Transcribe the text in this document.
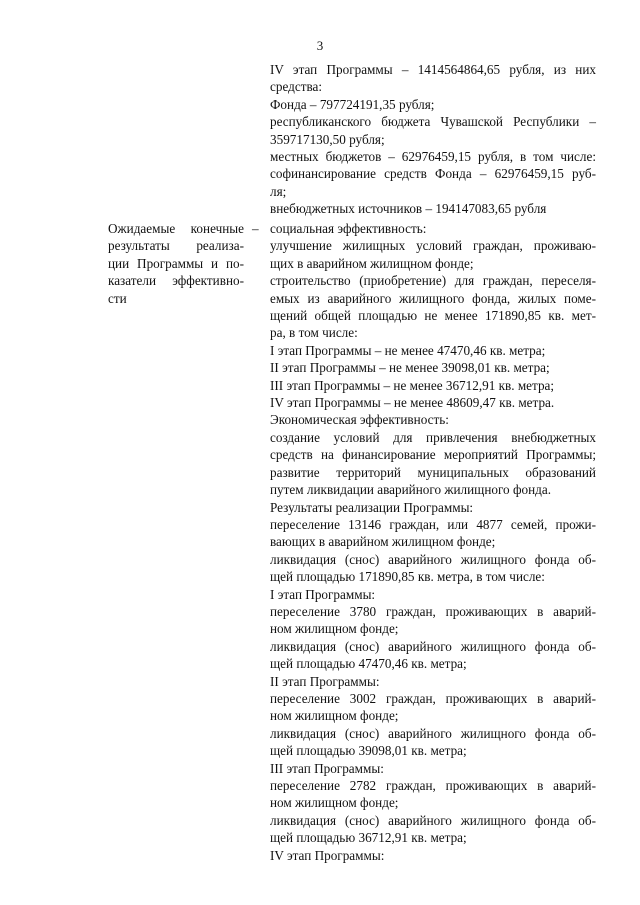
3
IV этап Программы – 1414564864,65 рубля, из них
средства:
Фонда – 797724191,35 рубля;
республиканского бюджета Чувашской Республики –
359717130,50 рубля;
местных бюджетов – 62976459,15 рубля, в том числе:
софинансирование средств Фонда – 62976459,15 руб-
ля;
внебюджетных источников – 194147083,65 рубля
Ожидаемые конечные
результаты реализа-
ции Программы и по-
казатели эффективно-
сти
– социальная эффективность:
улучшение жилищных условий граждан, проживаю-
щих в аварийном жилищном фонде;
строительство (приобретение) для граждан, переселя-
емых из аварийного жилищного фонда, жилых поме-
щений общей площадью не менее 171890,85 кв. мет-
ра, в том числе:
I этап Программы – не менее 47470,46 кв. метра;
II этап Программы – не менее 39098,01 кв. метра;
III этап Программы – не менее 36712,91 кв. метра;
IV этап Программы – не менее 48609,47 кв. метра.
Экономическая эффективность:
создание условий для привлечения внебюджетных
средств на финансирование мероприятий Программы;
развитие территорий муниципальных образований
путем ликвидации аварийного жилищного фонда.
Результаты реализации Программы:
переселение 13146 граждан, или 4877 семей, прожи-
вающих в аварийном жилищном фонде;
ликвидация (снос) аварийного жилищного фонда об-
щей площадью 171890,85 кв. метра, в том числе:
I этап Программы:
переселение 3780 граждан, проживающих в аварий-
ном жилищном фонде;
ликвидация (снос) аварийного жилищного фонда об-
щей площадью 47470,46 кв. метра;
II этап Программы:
переселение 3002 граждан, проживающих в аварий-
ном жилищном фонде;
ликвидация (снос) аварийного жилищного фонда об-
щей площадью 39098,01 кв. метра;
III этап Программы:
переселение 2782 граждан, проживающих в аварий-
ном жилищном фонде;
ликвидация (снос) аварийного жилищного фонда об-
щей площадью 36712,91 кв. метра;
IV этап Программы:
